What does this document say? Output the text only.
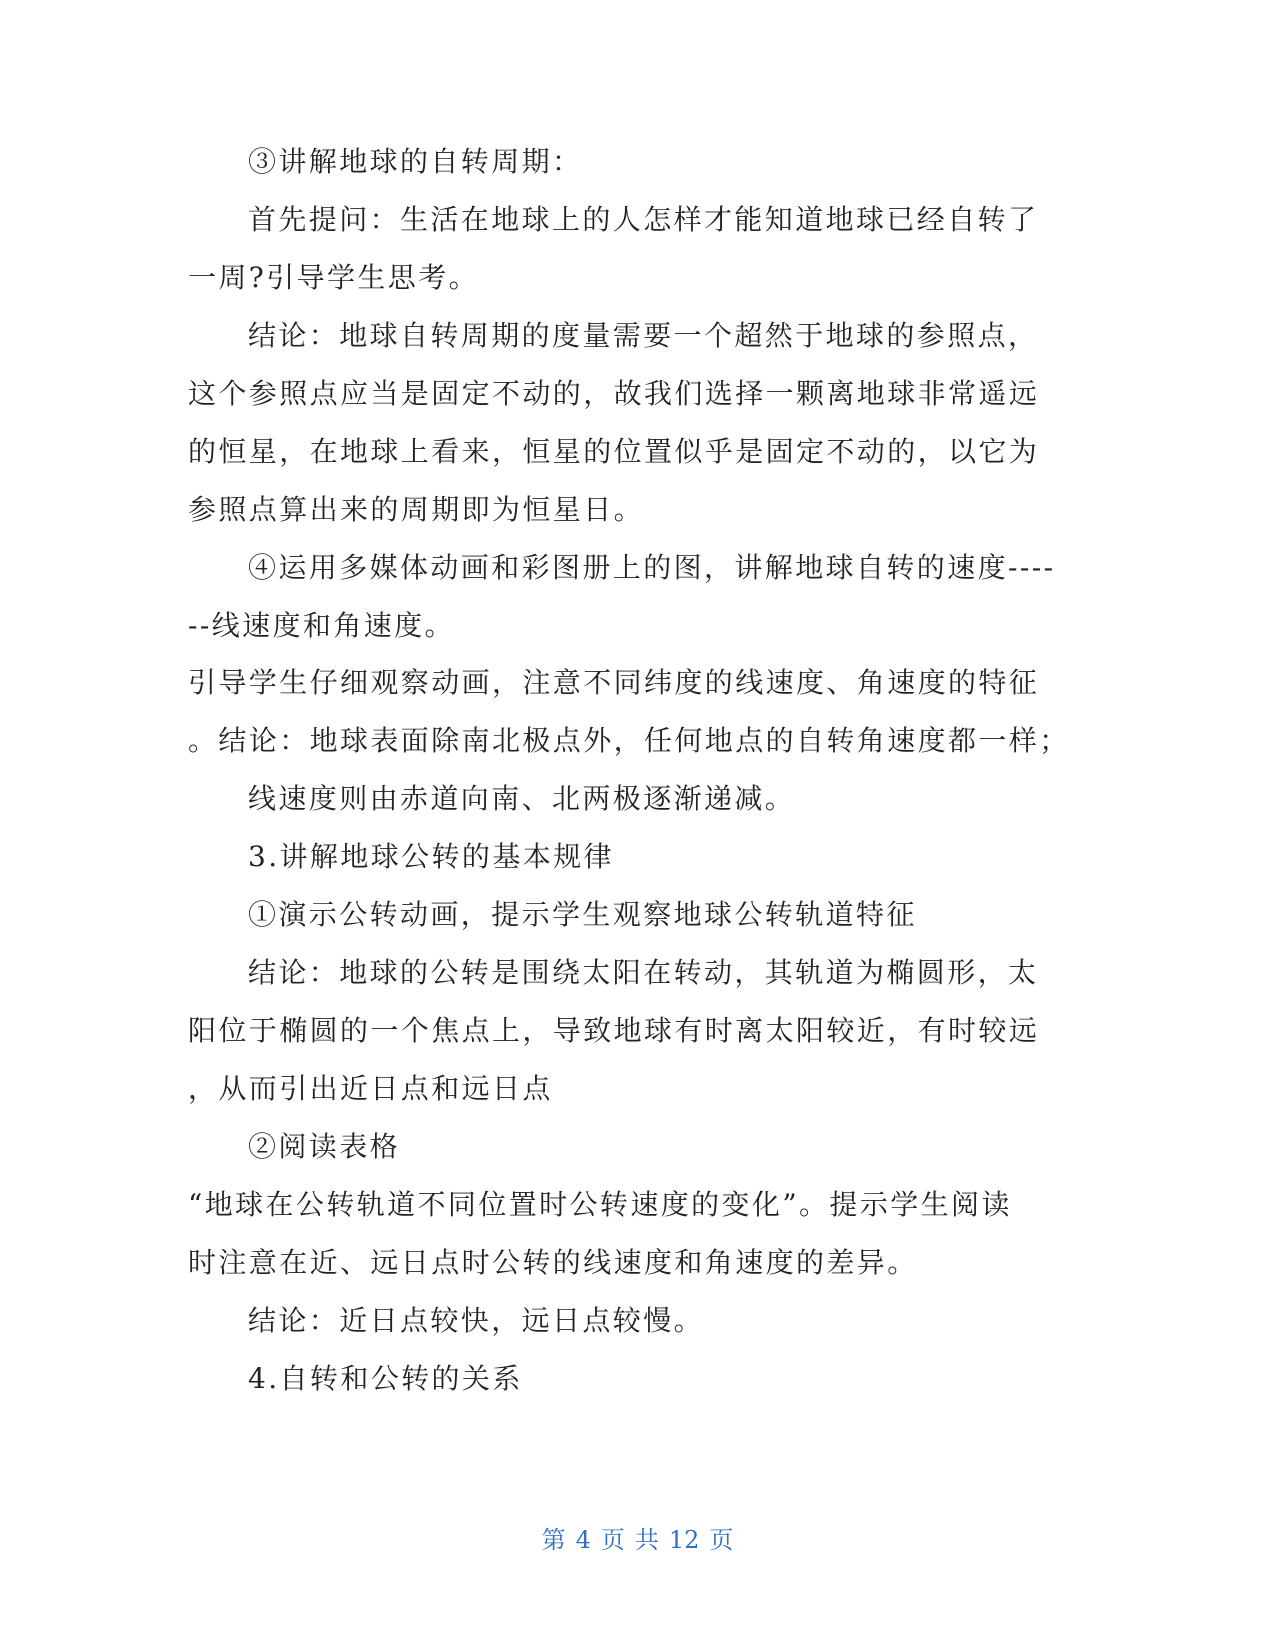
③讲解地球的自转周期：
首先提问：生活在地球上的人怎样才能知道地球已经自转了
一周?引导学生思考。
结论：地球自转周期的度量需要一个超然于地球的参照点，
这个参照点应当是固定不动的，故我们选择一颗离地球非常遥远
的恒星，在地球上看来，恒星的位置似乎是固定不动的，以它为
参照点算出来的周期即为恒星日。
④运用多媒体动画和彩图册上的图，讲解地球自转的速度----
--线速度和角速度。
引导学生仔细观察动画，注意不同纬度的线速度、角速度的特征
。结论：地球表面除南北极点外，任何地点的自转角速度都一样；
线速度则由赤道向南、北两极逐渐递减。
3.讲解地球公转的基本规律
①演示公转动画，提示学生观察地球公转轨道特征
结论：地球的公转是围绕太阳在转动，其轨道为椭圆形，太
阳位于椭圆的一个焦点上，导致地球有时离太阳较近，有时较远
，从而引出近日点和远日点
②阅读表格
“地球在公转轨道不同位置时公转速度的变化”。提示学生阅读
时注意在近、远日点时公转的线速度和角速度的差异。
结论：近日点较快，远日点较慢。
4.自转和公转的关系
第 4 页 共 12 页
